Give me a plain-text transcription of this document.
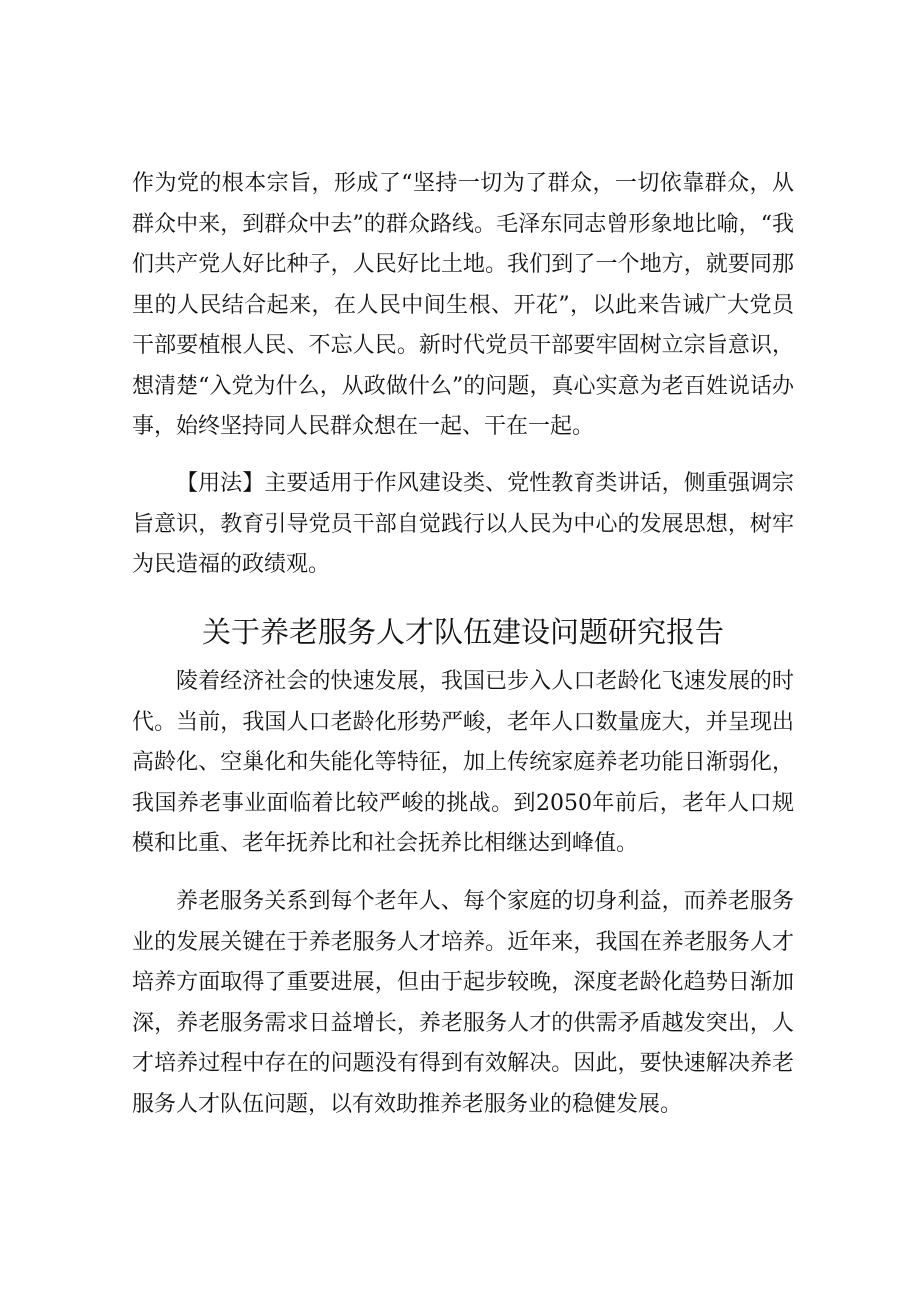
作为党的根本宗旨，形成了“坚持一切为了群众，一切依靠群众，从群众中来，到群众中去”的群众路线。毛泽东同志曾形象地比喻，“我们共产党人好比种子，人民好比土地。我们到了一个地方，就要同那里的人民结合起来，在人民中间生根、开花”，以此来告诫广大党员干部要植根人民、不忘人民。新时代党员干部要牢固树立宗旨意识，想清楚“入党为什么，从政做什么”的问题，真心实意为老百姓说话办事，始终坚持同人民群众想在一起、干在一起。

【用法】主要适用于作风建设类、党性教育类讲话，侧重强调宗旨意识，教育引导党员干部自觉践行以人民为中心的发展思想，树牢为民造福的政绩观。

关于养老服务人才队伍建设问题研究报告

陵着经济社会的快速发展，我国已步入人口老龄化飞速发展的时代。当前，我国人口老龄化形势严峻，老年人口数量庞大，并呈现出高龄化、空巢化和失能化等特征，加上传统家庭养老功能日渐弱化，我国养老事业面临着比较严峻的挑战。到2050年前后，老年人口规模和比重、老年抚养比和社会抚养比相继达到峰值。

养老服务关系到每个老年人、每个家庭的切身利益，而养老服务业的发展关键在于养老服务人才培养。近年来，我国在养老服务人才培养方面取得了重要进展，但由于起步较晚，深度老龄化趋势日渐加深，养老服务需求日益增长，养老服务人才的供需矛盾越发突出，人才培养过程中存在的问题没有得到有效解决。因此，要快速解决养老服务人才队伍问题，以有效助推养老服务业的稳健发展。
